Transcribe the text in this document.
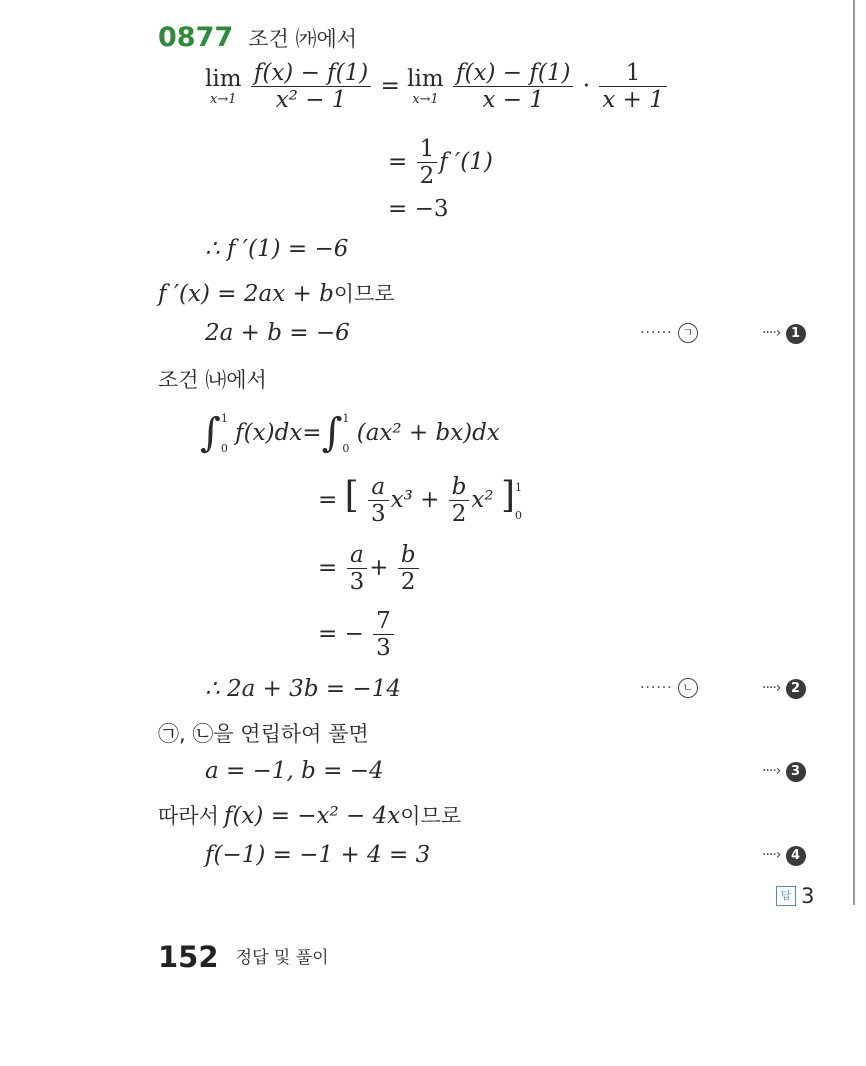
0877 조건 ㈎에서
lim
x→1
$\frac{f(x) - f(1)}{\text{x² − 1}} = \lim$
x→1
$\frac{f(x) - f(1)}{x - 1} \cdot \frac{1}{x + 1}$
= $\frac{1}{2}$ f ′(1)
= −3
∴ f ′(1) = −6
f ′(x) = 2ax + b이므로
2a + b = −6	······ ㄱ	····› 1
조건 ㈏에서
∫ 1
0
f(x)dx=∫ 1
0
(ax² + bx)dx
= [ $\frac{a}{3} x^3 + \frac{b}{2} x^2$ ] 1
0
= $\frac{a}{3} + \frac{b}{2}$
= − $\frac{7}{3}$
∴ 2a + 3b = −14	······ ㄴ	····› 2
㉠, ㉡을 연립하여 풀면
a = −1, b = −4	····› 3
따라서 f(x) = −x² − 4x이므로
f(−1) = −1 + 4 = 3	····› 4
답 3
152 정답 및 풀이
